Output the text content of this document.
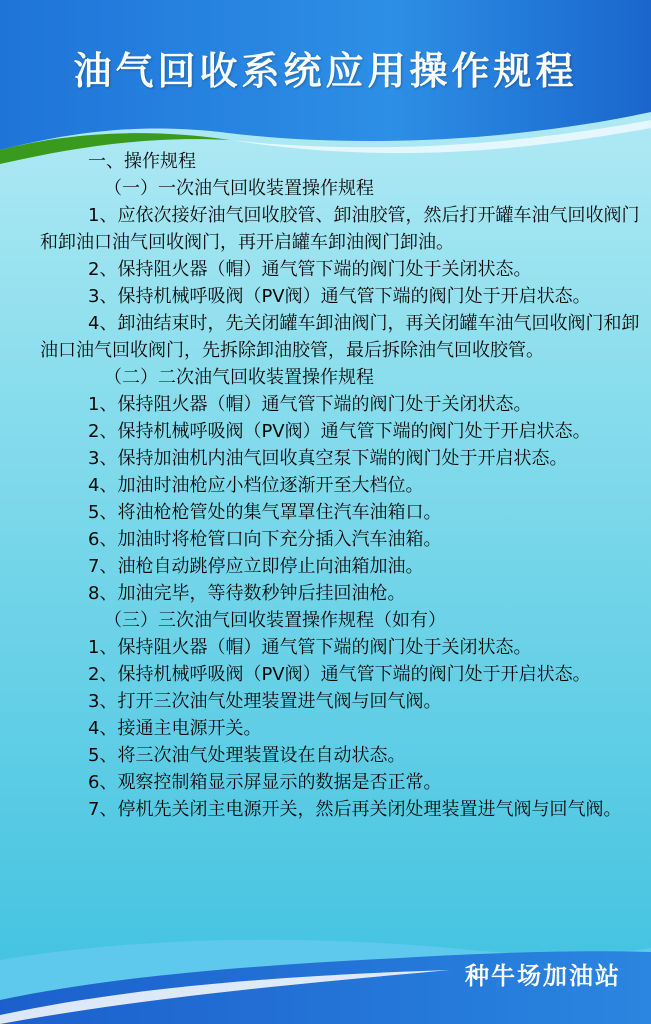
油气回收系统应用操作规程

一、操作规程

（一）一次油气回收装置操作规程

1、应依次接好油气回收胶管、卸油胶管，然后打开罐车油气回收阀门和卸油口油气回收阀门，再开启罐车卸油阀门卸油。

2、保持阻火器（帽）通气管下端的阀门处于关闭状态。

3、保持机械呼吸阀（PV阀）通气管下端的阀门处于开启状态。

4、卸油结束时，先关闭罐车卸油阀门，再关闭罐车油气回收阀门和卸油口油气回收阀门，先拆除卸油胶管，最后拆除油气回收胶管。

（二）二次油气回收装置操作规程

1、保持阻火器（帽）通气管下端的阀门处于关闭状态。

2、保持机械呼吸阀（PV阀）通气管下端的阀门处于开启状态。

3、保持加油机内油气回收真空泵下端的阀门处于开启状态。

4、加油时油枪应小档位逐渐开至大档位。

5、将油枪枪管处的集气罩罩住汽车油箱口。

6、加油时将枪管口向下充分插入汽车油箱。

7、油枪自动跳停应立即停止向油箱加油。

8、加油完毕，等待数秒钟后挂回油枪。

（三）三次油气回收装置操作规程（如有）

1、保持阻火器（帽）通气管下端的阀门处于关闭状态。

2、保持机械呼吸阀（PV阀）通气管下端的阀门处于开启状态。

3、打开三次油气处理装置进气阀与回气阀。

4、接通主电源开关。

5、将三次油气处理装置设在自动状态。

6、观察控制箱显示屏显示的数据是否正常。

7、停机先关闭主电源开关，然后再关闭处理装置进气阀与回气阀。

种牛场加油站
